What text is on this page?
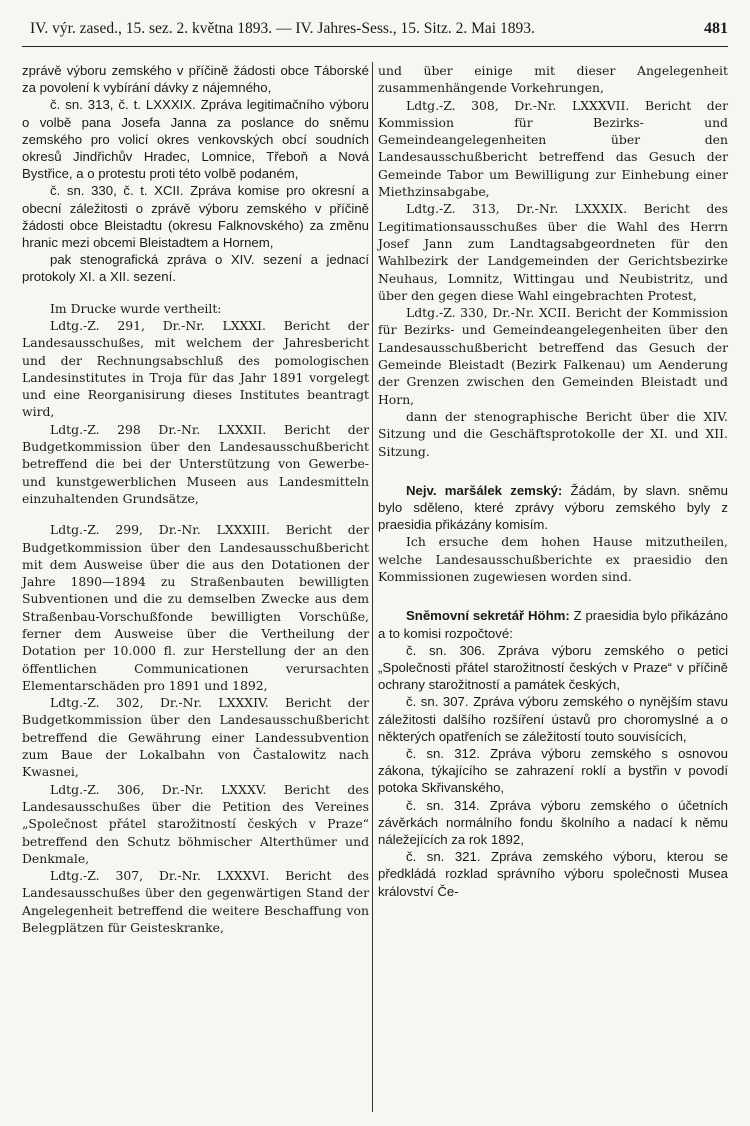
IV. výr. zased., 15. sez. 2. května 1893. — IV. Jahres-Sess., 15. Sitz. 2. Mai 1893.	481

zprávě výboru zemského v příčině žádosti obce Táborské za povolení k vybírání dávky z nájemného,

č. sn. 313, č. t. LXXXIX. Zpráva legitimačního výboru o volbě pana Josefa Janna za poslance do sněmu zemského pro volicí okres venkovských obcí soudních okresů Jindřichův Hradec, Lomnice, Třeboň a Nová Bystřice, a o protestu proti této volbě podaném,

č. sn. 330, č. t. XCII. Zpráva komise pro okresní a obecní záležitosti o zprávě výboru zemského v příčině žádosti obce Bleistadtu (okresu Falknovského) za změnu hranic mezi obcemi Bleistadtem a Hornem,

pak stenografická zpráva o XIV. sezení a jednací protokoly XI. a XII. sezení.

Im Drucke wurde vertheilt:

Ldtg.-Z. 291, Dr.-Nr. LXXXI. Bericht der Landesausschußes, mit welchem der Jahresbericht und der Rechnungsabschluß des pomologischen Landesinstitutes in Troja für das Jahr 1891 vorgelegt und eine Reorganisirung dieses Institutes beantragt wird,

Ldtg.-Z. 298 Dr.-Nr. LXXXII. Bericht der Budgetkommission über den Landesausschußbericht betreffend die bei der Unterstützung von Gewerbe- und kunstgewerblichen Museen aus Landesmitteln einzuhaltenden Grundsätze,

Ldtg.-Z. 299, Dr.-Nr. LXXXIII. Bericht der Budgetkommission über den Landesausschußbericht mit dem Ausweise über die aus den Dotationen der Jahre 1890—1894 zu Straßenbauten bewilligten Subventionen und die zu demselben Zwecke aus dem Straßenbau-Vorschußfonde bewilligten Vorschüße, ferner dem Ausweise über die Vertheilung der Dotation per 10.000 fl. zur Herstellung der an den öffentlichen Communicationen verursachten Elementarschäden pro 1891 und 1892,

Ldtg.-Z. 302, Dr.-Nr. LXXXIV. Bericht der Budgetkommission über den Landesausschußbericht betreffend die Gewährung einer Landessubvention zum Baue der Lokalbahn von Častalowitz nach Kwasnei,

Ldtg.-Z. 306, Dr.-Nr. LXXXV. Bericht des Landesausschußes über die Petition des Vereines „Společnost přátel starožitností českých v Praze“ betreffend den Schutz böhmischer Alterthümer und Denkmale,

Ldtg.-Z. 307, Dr.-Nr. LXXXVI. Bericht des Landesausschußes über den gegenwärtigen Stand der Angelegenheit betreffend die weitere Beschaffung von Belegplätzen für Geisteskranke,

und über einige mit dieser Angelegenheit zusammenhängende Vorkehrungen,

Ldtg.-Z. 308, Dr.-Nr. LXXXVII. Bericht der Kommission für Bezirks- und Gemeindeangelegenheiten über den Landesausschußbericht betreffend das Gesuch der Gemeinde Tabor um Bewilligung zur Einhebung einer Miethzinsabgabe,

Ldtg.-Z. 313, Dr.-Nr. LXXXIX. Bericht des Legitimationsausschußes über die Wahl des Herrn Josef Jann zum Landtagsabgeordneten für den Wahlbezirk der Landgemeinden der Gerichtsbezirke Neuhaus, Lomnitz, Wittingau und Neubistritz, und über den gegen diese Wahl eingebrachten Protest,

Ldtg.-Z. 330, Dr.-Nr. XCII. Bericht der Kommission für Bezirks- und Gemeindeangelegenheiten über den Landesausschußbericht betreffend das Gesuch der Gemeinde Bleistadt (Bezirk Falkenau) um Aenderung der Grenzen zwischen den Gemeinden Bleistadt und Horn,

dann der stenographische Bericht über die XIV. Sitzung und die Geschäftsprotokolle der XI. und XII. Sitzung.

Nejv. maršálek zemský: Žádám, by slavn. sněmu bylo sděleno, které zprávy výboru zemského byly z praesidia přikázány komisím.

Ich ersuche dem hohen Hause mitzutheilen, welche Landesausschußberichte ex praesidio den Kommissionen zugewiesen worden sind.

Sněmovní sekretář Höhm: Z praesidia bylo přikázáno a to komisi rozpočtové:

č. sn. 306. Zpráva výboru zemského o petici „Společnosti přátel starožitností českých v Praze“ v příčině ochrany starožitností a památek českých,

č. sn. 307. Zpráva výboru zemského o nynějším stavu záležitosti dalšího rozšíření ústavů pro choromyslné a o některých opatřeních se záležitostí touto souvisících,

č. sn. 312. Zpráva výboru zemského s osnovou zákona, týkajícího se zahrazení roklí a bystřin v povodí potoka Skřivanského,

č. sn. 314. Zpráva výboru zemského o účetních závěrkách normálního fondu školního a nadací k němu náležejících za rok 1892,

č. sn. 321. Zpráva zemského výboru, kterou se předkládá rozklad správního výboru společnosti Musea království Če-
